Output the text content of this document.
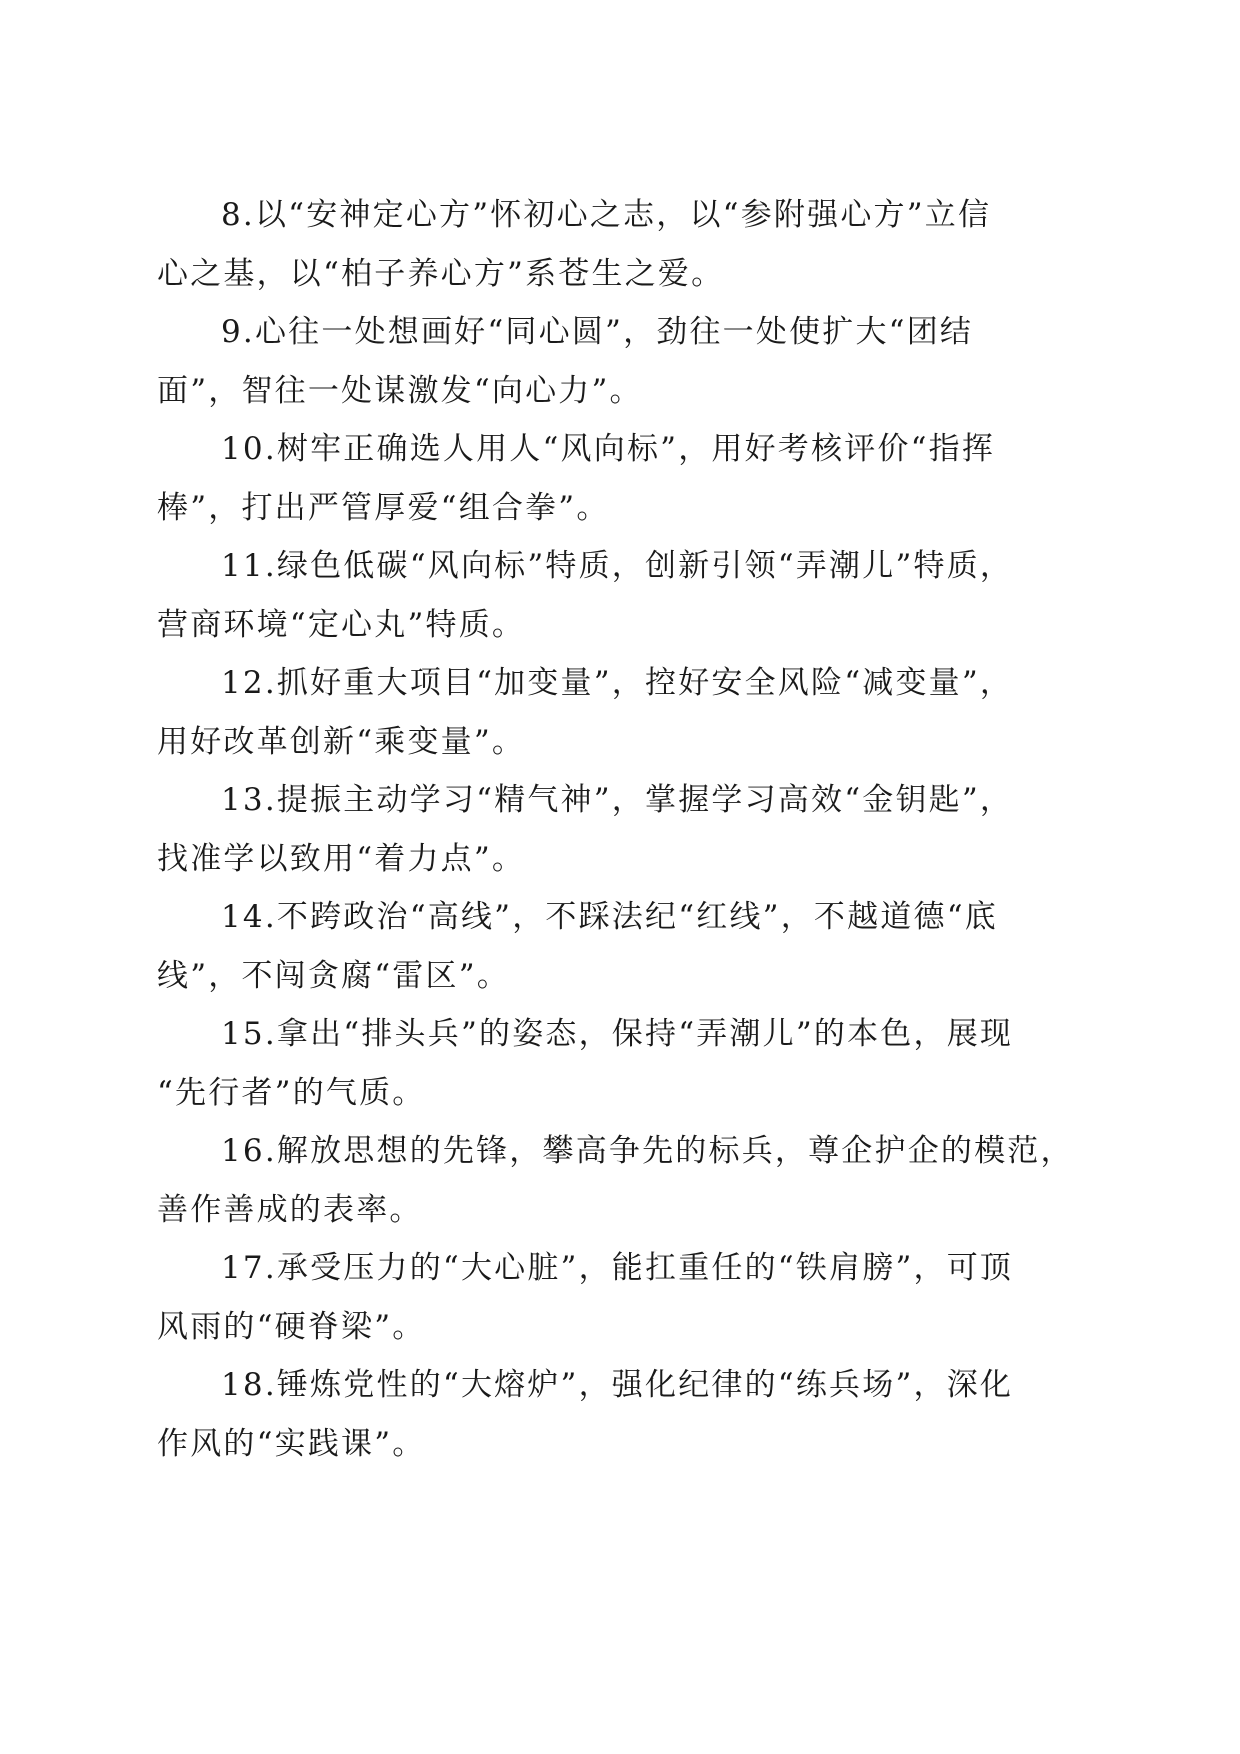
8.以“安神定心方”怀初心之志，以“参附强心方”立信
心之基，以“柏子养心方”系苍生之爱。

9.心往一处想画好“同心圆”，劲往一处使扩大“团结
面”，智往一处谋激发“向心力”。

10.树牢正确选人用人“风向标”，用好考核评价“指挥
棒”，打出严管厚爱“组合拳”。

11.绿色低碳“风向标”特质，创新引领“弄潮儿”特质，
营商环境“定心丸”特质。

12.抓好重大项目“加变量”，控好安全风险“减变量”，
用好改革创新“乘变量”。

13.提振主动学习“精气神”，掌握学习高效“金钥匙”，
找准学以致用“着力点”。

14.不跨政治“高线”，不踩法纪“红线”，不越道德“底
线”，不闯贪腐“雷区”。

15.拿出“排头兵”的姿态，保持“弄潮儿”的本色，展现
“先行者”的气质。

16.解放思想的先锋，攀高争先的标兵，尊企护企的模范，
善作善成的表率。

17.承受压力的“大心脏”，能扛重任的“铁肩膀”，可顶
风雨的“硬脊梁”。

18.锤炼党性的“大熔炉”，强化纪律的“练兵场”，深化
作风的“实践课”。
